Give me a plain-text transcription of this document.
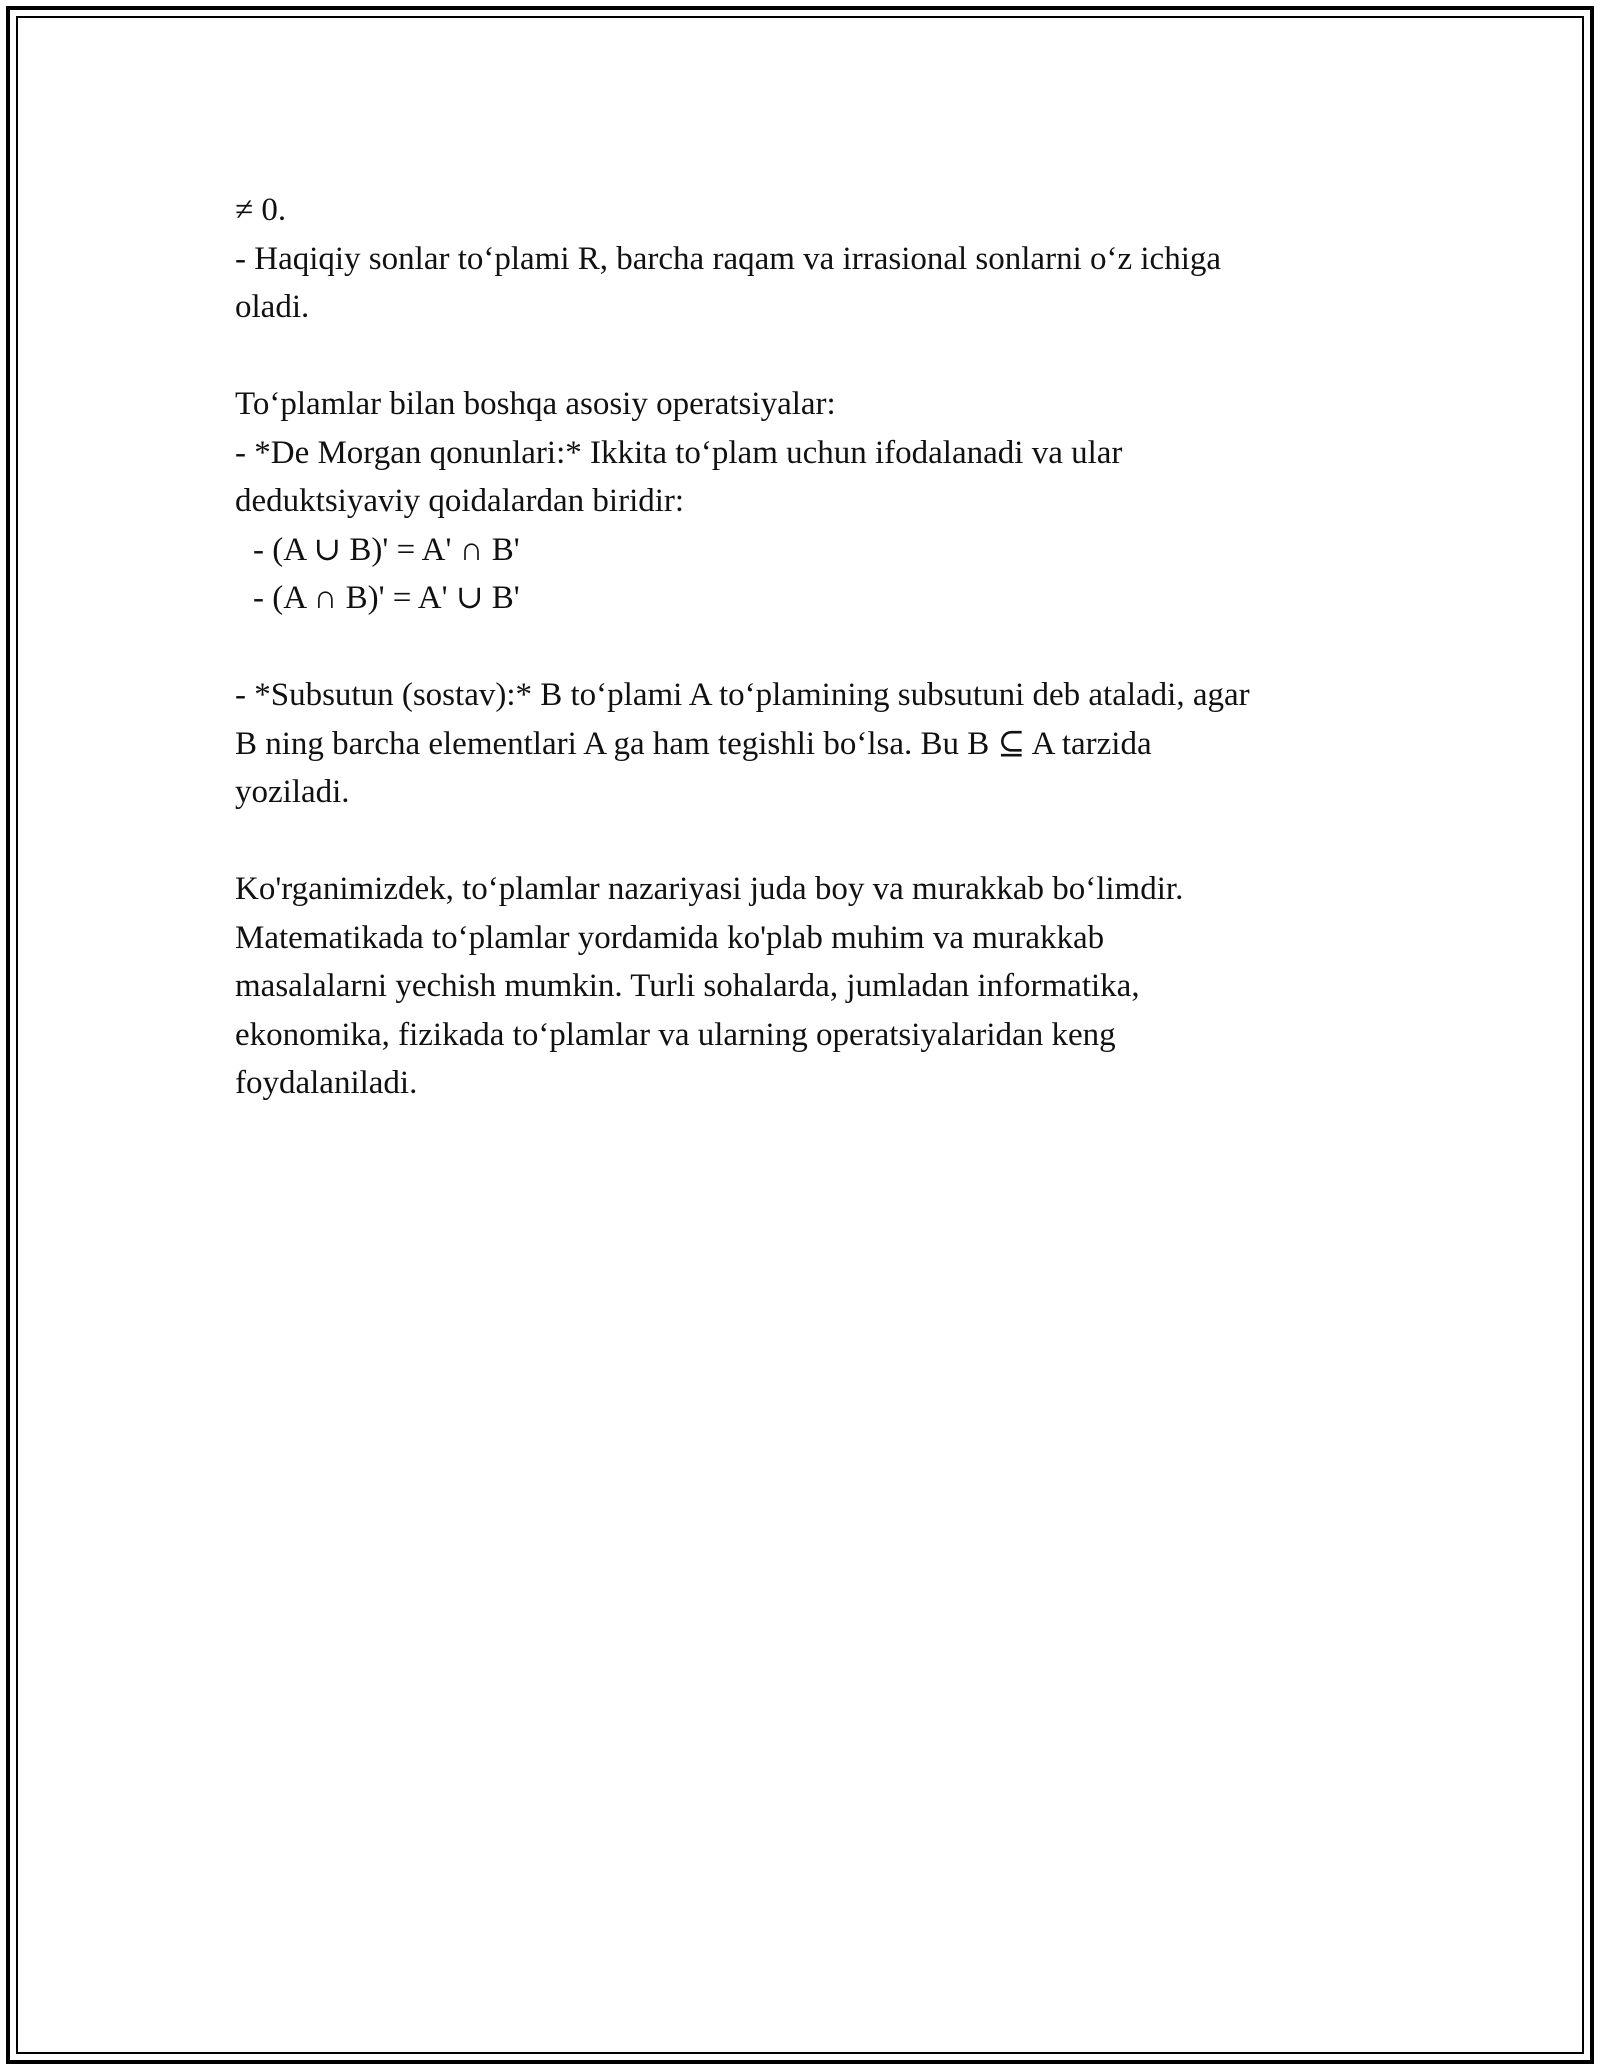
≠ 0.
- Haqiqiy sonlar to‘plami R, barcha raqam va irrasional sonlarni o‘z ichiga
oladi.
To‘plamlar bilan boshqa asosiy operatsiyalar:
- *De Morgan qonunlari:* Ikkita to‘plam uchun ifodalanadi va ular
deduktsiyaviy qoidalardan biridir:
- (A ∪ B)' = A' ∩ B'
- (A ∩ B)' = A' ∪ B'
- *Subsutun (sostav):* B to‘plami A to‘plamining subsutuni deb ataladi, agar
B ning barcha elementlari A ga ham tegishli bo‘lsa. Bu B ⊆ A tarzida
yoziladi.
Ko'rganimizdek, to‘plamlar nazariyasi juda boy va murakkab bo‘limdir.
Matematikada to‘plamlar yordamida ko'plab muhim va murakkab
masalalarni yechish mumkin. Turli sohalarda, jumladan informatika,
ekonomika, fizikada to‘plamlar va ularning operatsiyalaridan keng
foydalaniladi.
